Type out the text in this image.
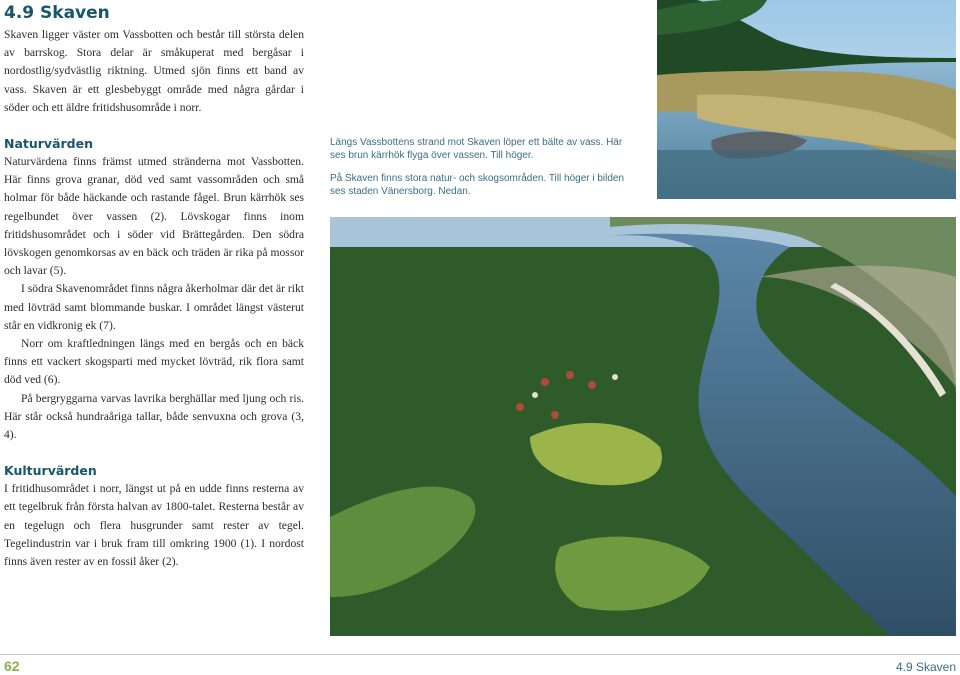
4.9 Skaven

Skaven ligger väster om Vassbotten och består till största delen av barrskog. Stora delar är småkuperat med bergåsar i nordostlig/sydvästlig riktning. Utmed sjön finns ett band av vass. Skaven är ett glesbebyggt område med några gårdar i söder och ett äldre fritidshusområde i norr.

Naturvärden

Naturvärdena finns främst utmed stränderna mot Vassbotten. Här finns grova granar, död ved samt vassområden och små holmar för både häckande och rastande fågel. Brun kärrhök ses regelbundet över vassen (2). Lövskogar finns inom fritidshusområdet och i söder vid Brättegården. Den södra lövskogen genomkorsas av en bäck och träden är rika på mossor och lavar (5).

I södra Skavenområdet finns några åkerholmar där det är rikt med lövträd samt blommande buskar. I området längst västerut står en vidkronig ek (7).

Norr om kraftledningen längs med en bergås och en bäck finns ett vackert skogsparti med mycket lövträd, rik flora samt död ved (6).

På bergryggarna varvas lavrika berghällar med ljung och ris. Här står också hundraåriga tallar, både senvuxna och grova (3, 4).

Kulturvärden

I fritidhusområdet i norr, längst ut på en udde finns resterna av ett tegelbruk från första halvan av 1800-talet. Resterna består av en tegelugn och flera husgrunder samt rester av tegel. Tegelindustrin var i bruk fram till omkring 1900 (1). I nordost finns även rester av en fossil åker (2).

Längs Vassbottens strand mot Skaven löper ett bälte av vass. Här ses brun kärrhök flyga över vassen. Till höger.

På Skaven finns stora natur- och skogsområden. Till höger i bilden ses staden Vänersborg. Nedan.

62	4.9 Skaven
